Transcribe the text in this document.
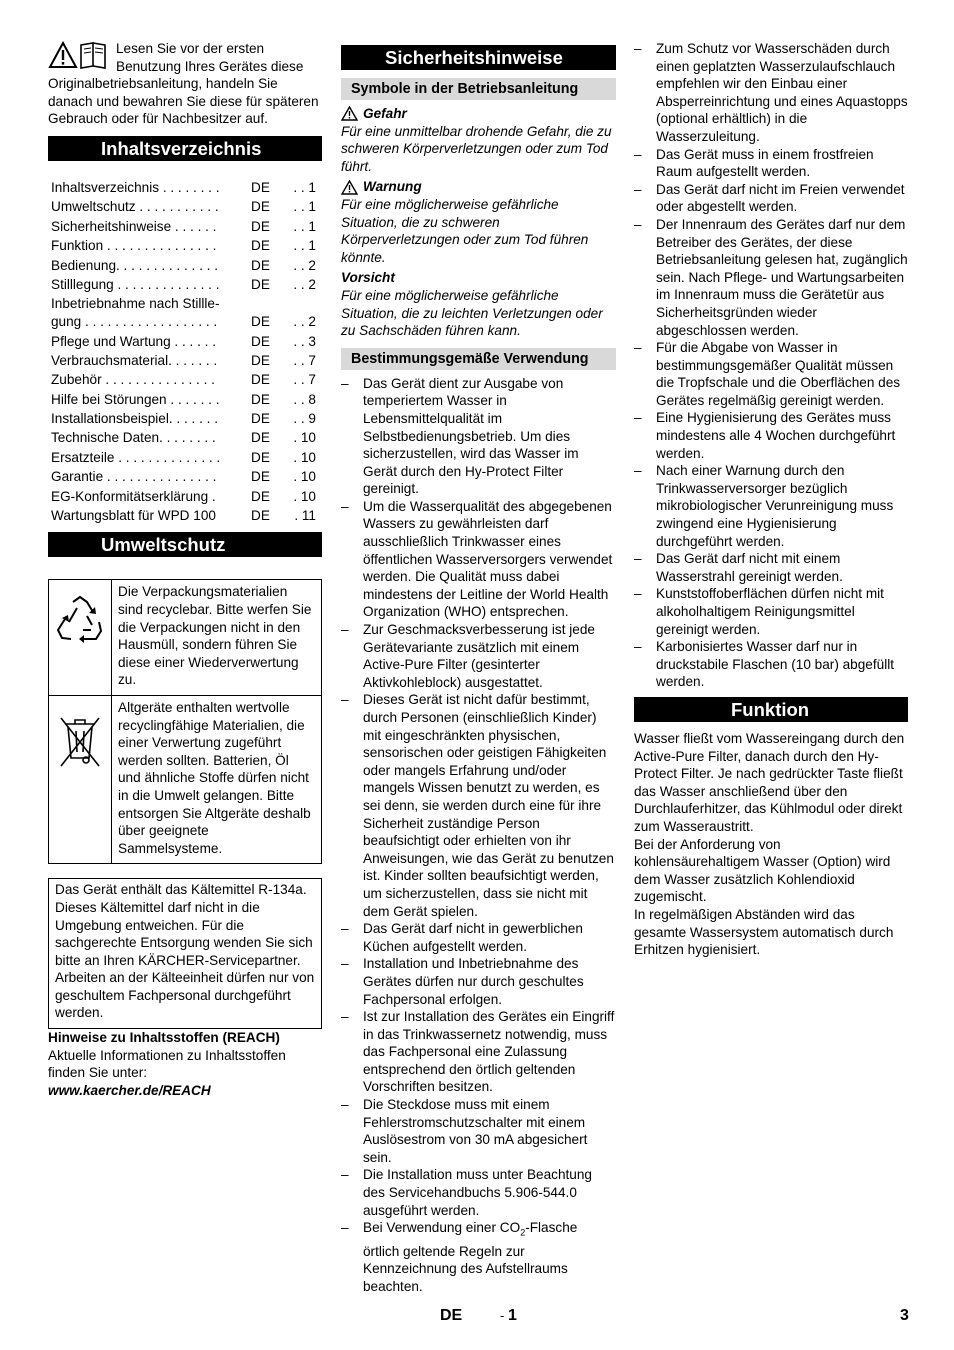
Lesen Sie vor der ersten Benutzung Ihres Gerätes diese Originalbetriebsanleitung, handeln Sie danach und bewahren Sie diese für späteren Gebrauch oder für Nachbesitzer auf.

Inhaltsverzeichnis
Inhaltsverzeichnis . . . . . . . .	DE	. . 1
Umweltschutz . . . . . . . . . . .	DE	. . 1
Sicherheitshinweise . . . . . .	DE	. . 1
Funktion . . . . . . . . . . . . . . .	DE	. . 1
Bedienung. . . . . . . . . . . . . .	DE	. . 2
Stilllegung . . . . . . . . . . . . . .	DE	. . 2
Inbetriebnahme nach Stillle-
gung . . . . . . . . . . . . . . . . . .	DE	. . 2
Pflege und Wartung . . . . . .	DE	. . 3
Verbrauchsmaterial. . . . . . .	DE	. . 7
Zubehör . . . . . . . . . . . . . . .	DE	. . 7
Hilfe bei Störungen . . . . . . .	DE	. . 8
Installationsbeispiel. . . . . . .	DE	. . 9
Technische Daten. . . . . . . .	DE	. 10
Ersatzteile . . . . . . . . . . . . . .	DE	. 10
Garantie . . . . . . . . . . . . . . .	DE	. 10
EG-Konformitätserklärung .	DE	. 10
Wartungsblatt für WPD 100	DE	. 11
Umweltschutz
Die Verpackungsmaterialien sind recyclebar. Bitte werfen Sie die Verpackungen nicht in den Hausmüll, sondern führen Sie diese einer Wiederverwertung zu.
Altgeräte enthalten wertvolle recyclingfähige Materialien, die einer Verwertung zugeführt werden sollten. Batterien, Öl und ähnliche Stoffe dürfen nicht in die Umwelt gelangen. Bitte entsorgen Sie Altgeräte deshalb über geeignete Sammelsysteme.

Das Gerät enthält das Kältemittel R-134a. Dieses Kältemittel darf nicht in die Umgebung entweichen. Für die sachgerechte Entsorgung wenden Sie sich bitte an Ihren KÄRCHER-Servicepartner. Arbeiten an der Kälteeinheit dürfen nur von geschultem Fachpersonal durchgeführt werden.

Hinweise zu Inhaltsstoffen (REACH)

Aktuelle Informationen zu Inhaltsstoffen finden Sie unter:

www.kaercher.de/REACH

Sicherheitshinweise
Symbole in der Betriebsanleitung
Gefahr

Für eine unmittelbar drohende Gefahr, die zu schweren Körperverletzungen oder zum Tod führt.

Warnung

Für eine möglicherweise gefährliche Situation, die zu schweren Körperverletzungen oder zum Tod führen könnte.

Vorsicht

Für eine möglicherweise gefährliche Situation, die zu leichten Verletzungen oder zu Sachschäden führen kann.

Bestimmungsgemäße Verwendung
– Das Gerät dient zur Ausgabe von temperiertem Wasser in Lebensmittelqualität im Selbstbedienungsbetrieb. Um dies sicherzustellen, wird das Wasser im Gerät durch den Hy-Protect Filter gereinigt.
– Um die Wasserqualität des abgegebenen Wassers zu gewährleisten darf ausschließlich Trinkwasser eines öffentlichen Wasserversorgers verwendet werden. Die Qualität muss dabei mindestens der Leitline der World Health Organization (WHO) entsprechen.
– Zur Geschmacksverbesserung ist jede Gerätevariante zusätzlich mit einem Active-Pure Filter (gesinterter Aktivkohleblock) ausgestattet.
– Dieses Gerät ist nicht dafür bestimmt, durch Personen (einschließlich Kinder) mit eingeschränkten physischen, sensorischen oder geistigen Fähigkeiten oder mangels Erfahrung und/oder mangels Wissen benutzt zu werden, es sei denn, sie werden durch eine für ihre Sicherheit zuständige Person beaufsichtigt oder erhielten von ihr Anweisungen, wie das Gerät zu benutzen ist. Kinder sollten beaufsichtigt werden, um sicherzustellen, dass sie nicht mit dem Gerät spielen.
– Das Gerät darf nicht in gewerblichen Küchen aufgestellt werden.
– Installation und Inbetriebnahme des Gerätes dürfen nur durch geschultes Fachpersonal erfolgen.
– Ist zur Installation des Gerätes ein Eingriff in das Trinkwassernetz notwendig, muss das Fachpersonal eine Zulassung entsprechend den örtlich geltenden Vorschriften besitzen.
– Die Steckdose muss mit einem Fehlerstromschutzschalter mit einem Auslösestrom von 30 mA abgesichert sein.
– Die Installation muss unter Beachtung des Servicehandbuchs 5.906-544.0 ausgeführt werden.
– Bei Verwendung einer $CO_2$-Flasche örtlich geltende Regeln zur Kennzeichnung des Aufstellraums beachten.
– Zum Schutz vor Wasserschäden durch einen geplatzten Wasserzulaufschlauch empfehlen wir den Einbau einer Absperreinrichtung und eines Aquastopps (optional erhältlich) in die Wasserzuleitung.
– Das Gerät muss in einem frostfreien Raum aufgestellt werden.
– Das Gerät darf nicht im Freien verwendet oder abgestellt werden.
– Der Innenraum des Gerätes darf nur dem Betreiber des Gerätes, der diese Betriebsanleitung gelesen hat, zugänglich sein. Nach Pflege- und Wartungsarbeiten im Innenraum muss die Gerätetür aus Sicherheitsgründen wieder abgeschlossen werden.
– Für die Abgabe von Wasser in bestimmungsgemäßer Qualität müssen die Tropfschale und die Oberflächen des Gerätes regelmäßig gereinigt werden.
– Eine Hygienisierung des Gerätes muss mindestens alle 4 Wochen durchgeführt werden.
– Nach einer Warnung durch den Trinkwasserversorger bezüglich mikrobiologischer Verunreinigung muss zwingend eine Hygienisierung durchgeführt werden.
– Das Gerät darf nicht mit einem Wasserstrahl gereinigt werden.
– Kunststoffoberflächen dürfen nicht mit alkoholhaltigem Reinigungsmittel gereinigt werden.
– Karbonisiertes Wasser darf nur in druckstabile Flaschen (10 bar) abgefüllt werden.
Funktion

Wasser fließt vom Wassereingang durch den Active-Pure Filter, danach durch den Hy-Protect Filter. Je nach gedrückter Taste fließt das Wasser anschließend über den Durchlauferhitzer, das Kühlmodul oder direkt zum Wasseraustritt.

Bei der Anforderung von kohlensäurehaltigem Wasser (Option) wird dem Wasser zusätzlich Kohlendioxid zugemischt.

In regelmäßigen Abständen wird das gesamte Wassersystem automatisch durch Erhitzen hygienisiert.

DE	- 1	3
